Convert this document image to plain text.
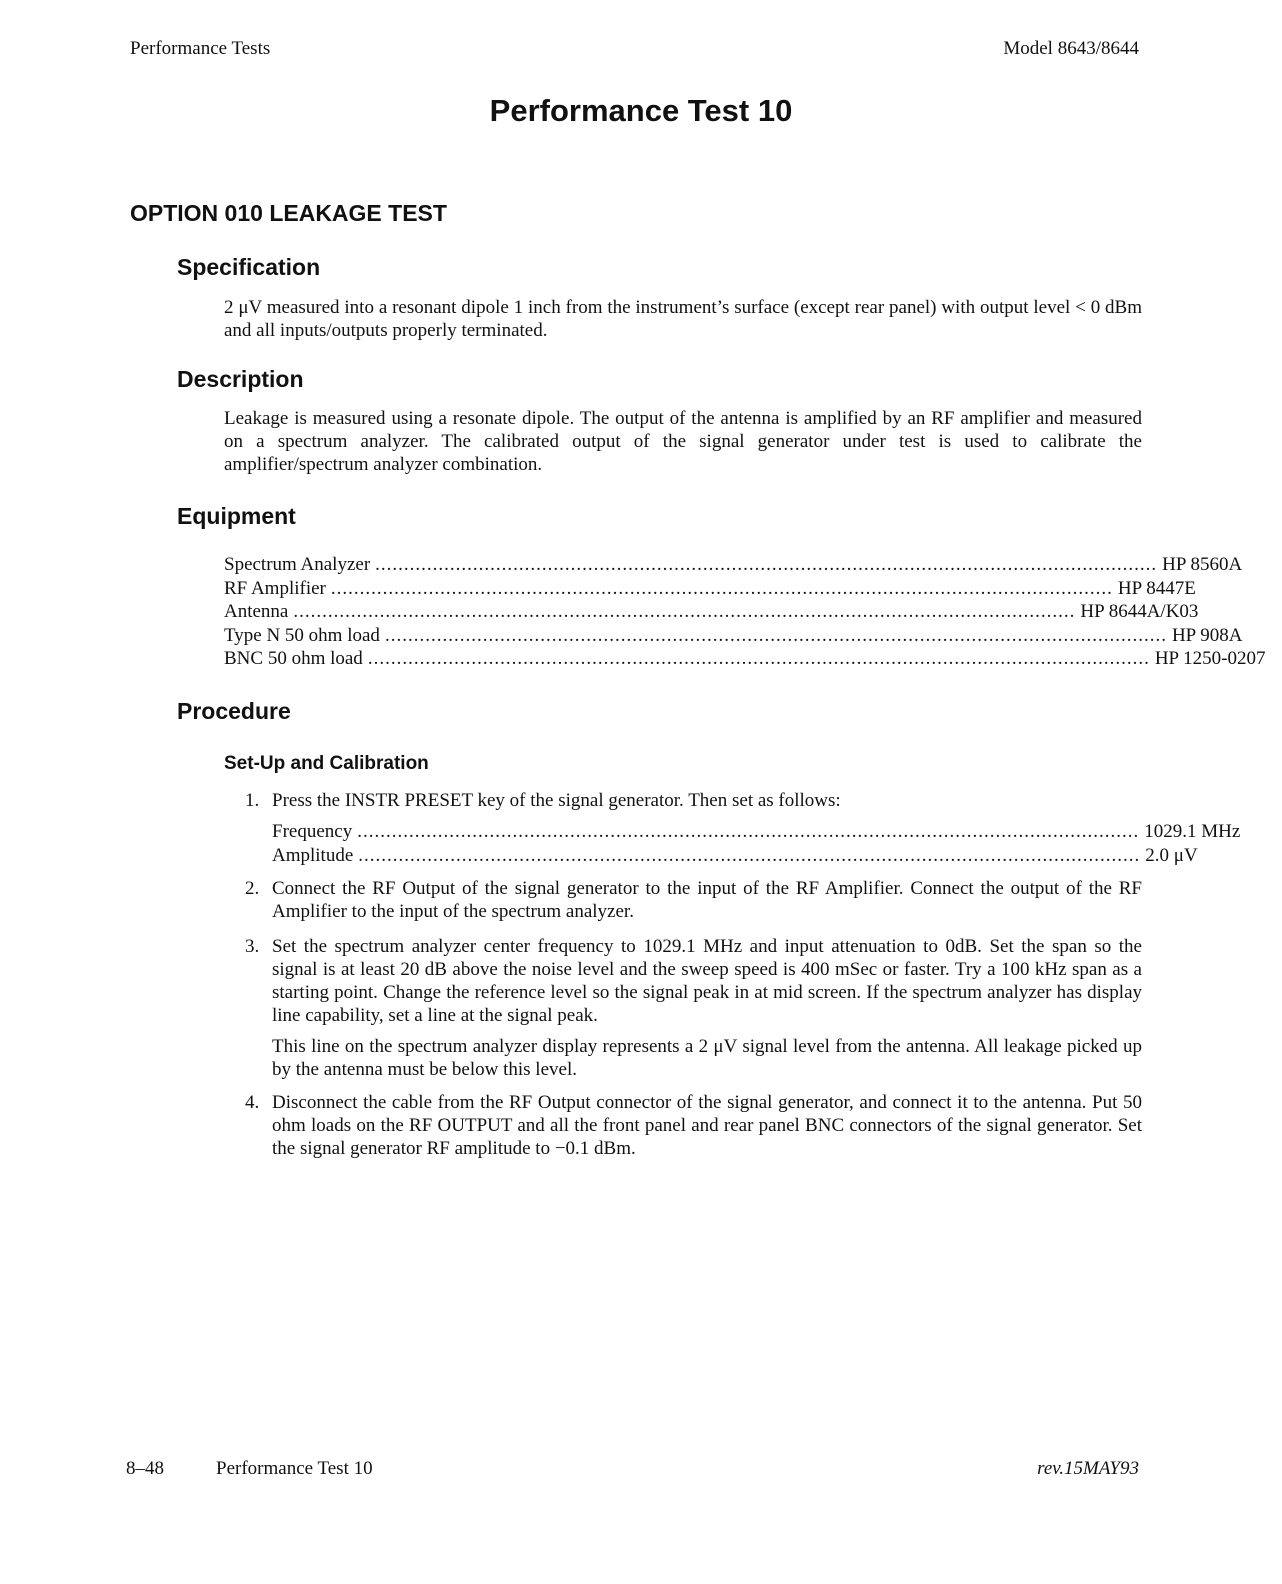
Performance Tests	Model 8643/8644
Performance Test 10
OPTION 010 LEAKAGE TEST
Specification
2 μV measured into a resonant dipole 1 inch from the instrument’s surface (except rear panel) with output level < 0 dBm and all inputs/outputs properly terminated.
Description
Leakage is measured using a resonate dipole. The output of the antenna is amplified by an RF amplifier and measured on a spectrum analyzer. The calibrated output of the signal generator under test is used to calibrate the amplifier/spectrum analyzer combination.
Equipment
Spectrum Analyzer ........................................................................................................................................ HP 8560A
RF Amplifier ........................................................................................................................................ HP 8447E
Antenna ........................................................................................................................................ HP 8644A/K03
Type N 50 ohm load ........................................................................................................................................ HP 908A
BNC 50 ohm load ........................................................................................................................................ HP 1250-0207
Procedure
Set-Up and Calibration
1. Press the INSTR PRESET key of the signal generator. Then set as follows:

Frequency ........................................................................................................................................ 1029.1 MHz
Amplitude ........................................................................................................................................ 2.0 μV
2. Connect the RF Output of the signal generator to the input of the RF Amplifier. Connect the output of the RF Amplifier to the input of the spectrum analyzer.

3. Set the spectrum analyzer center frequency to 1029.1 MHz and input attenuation to 0dB. Set the span so the signal is at least 20 dB above the noise level and the sweep speed is 400 mSec or faster. Try a 100 kHz span as a starting point. Change the reference level so the signal peak in at mid screen. If the spectrum analyzer has display line capability, set a line at the signal peak.

This line on the spectrum analyzer display represents a 2 μV signal level from the antenna. All leakage picked up by the antenna must be below this level.

4. Disconnect the cable from the RF Output connector of the signal generator, and connect it to the antenna. Put 50 ohm loads on the RF OUTPUT and all the front panel and rear panel BNC connectors of the signal generator. Set the signal generator RF amplitude to −0.1 dBm.

8–48	Performance Test 10	rev.15MAY93
